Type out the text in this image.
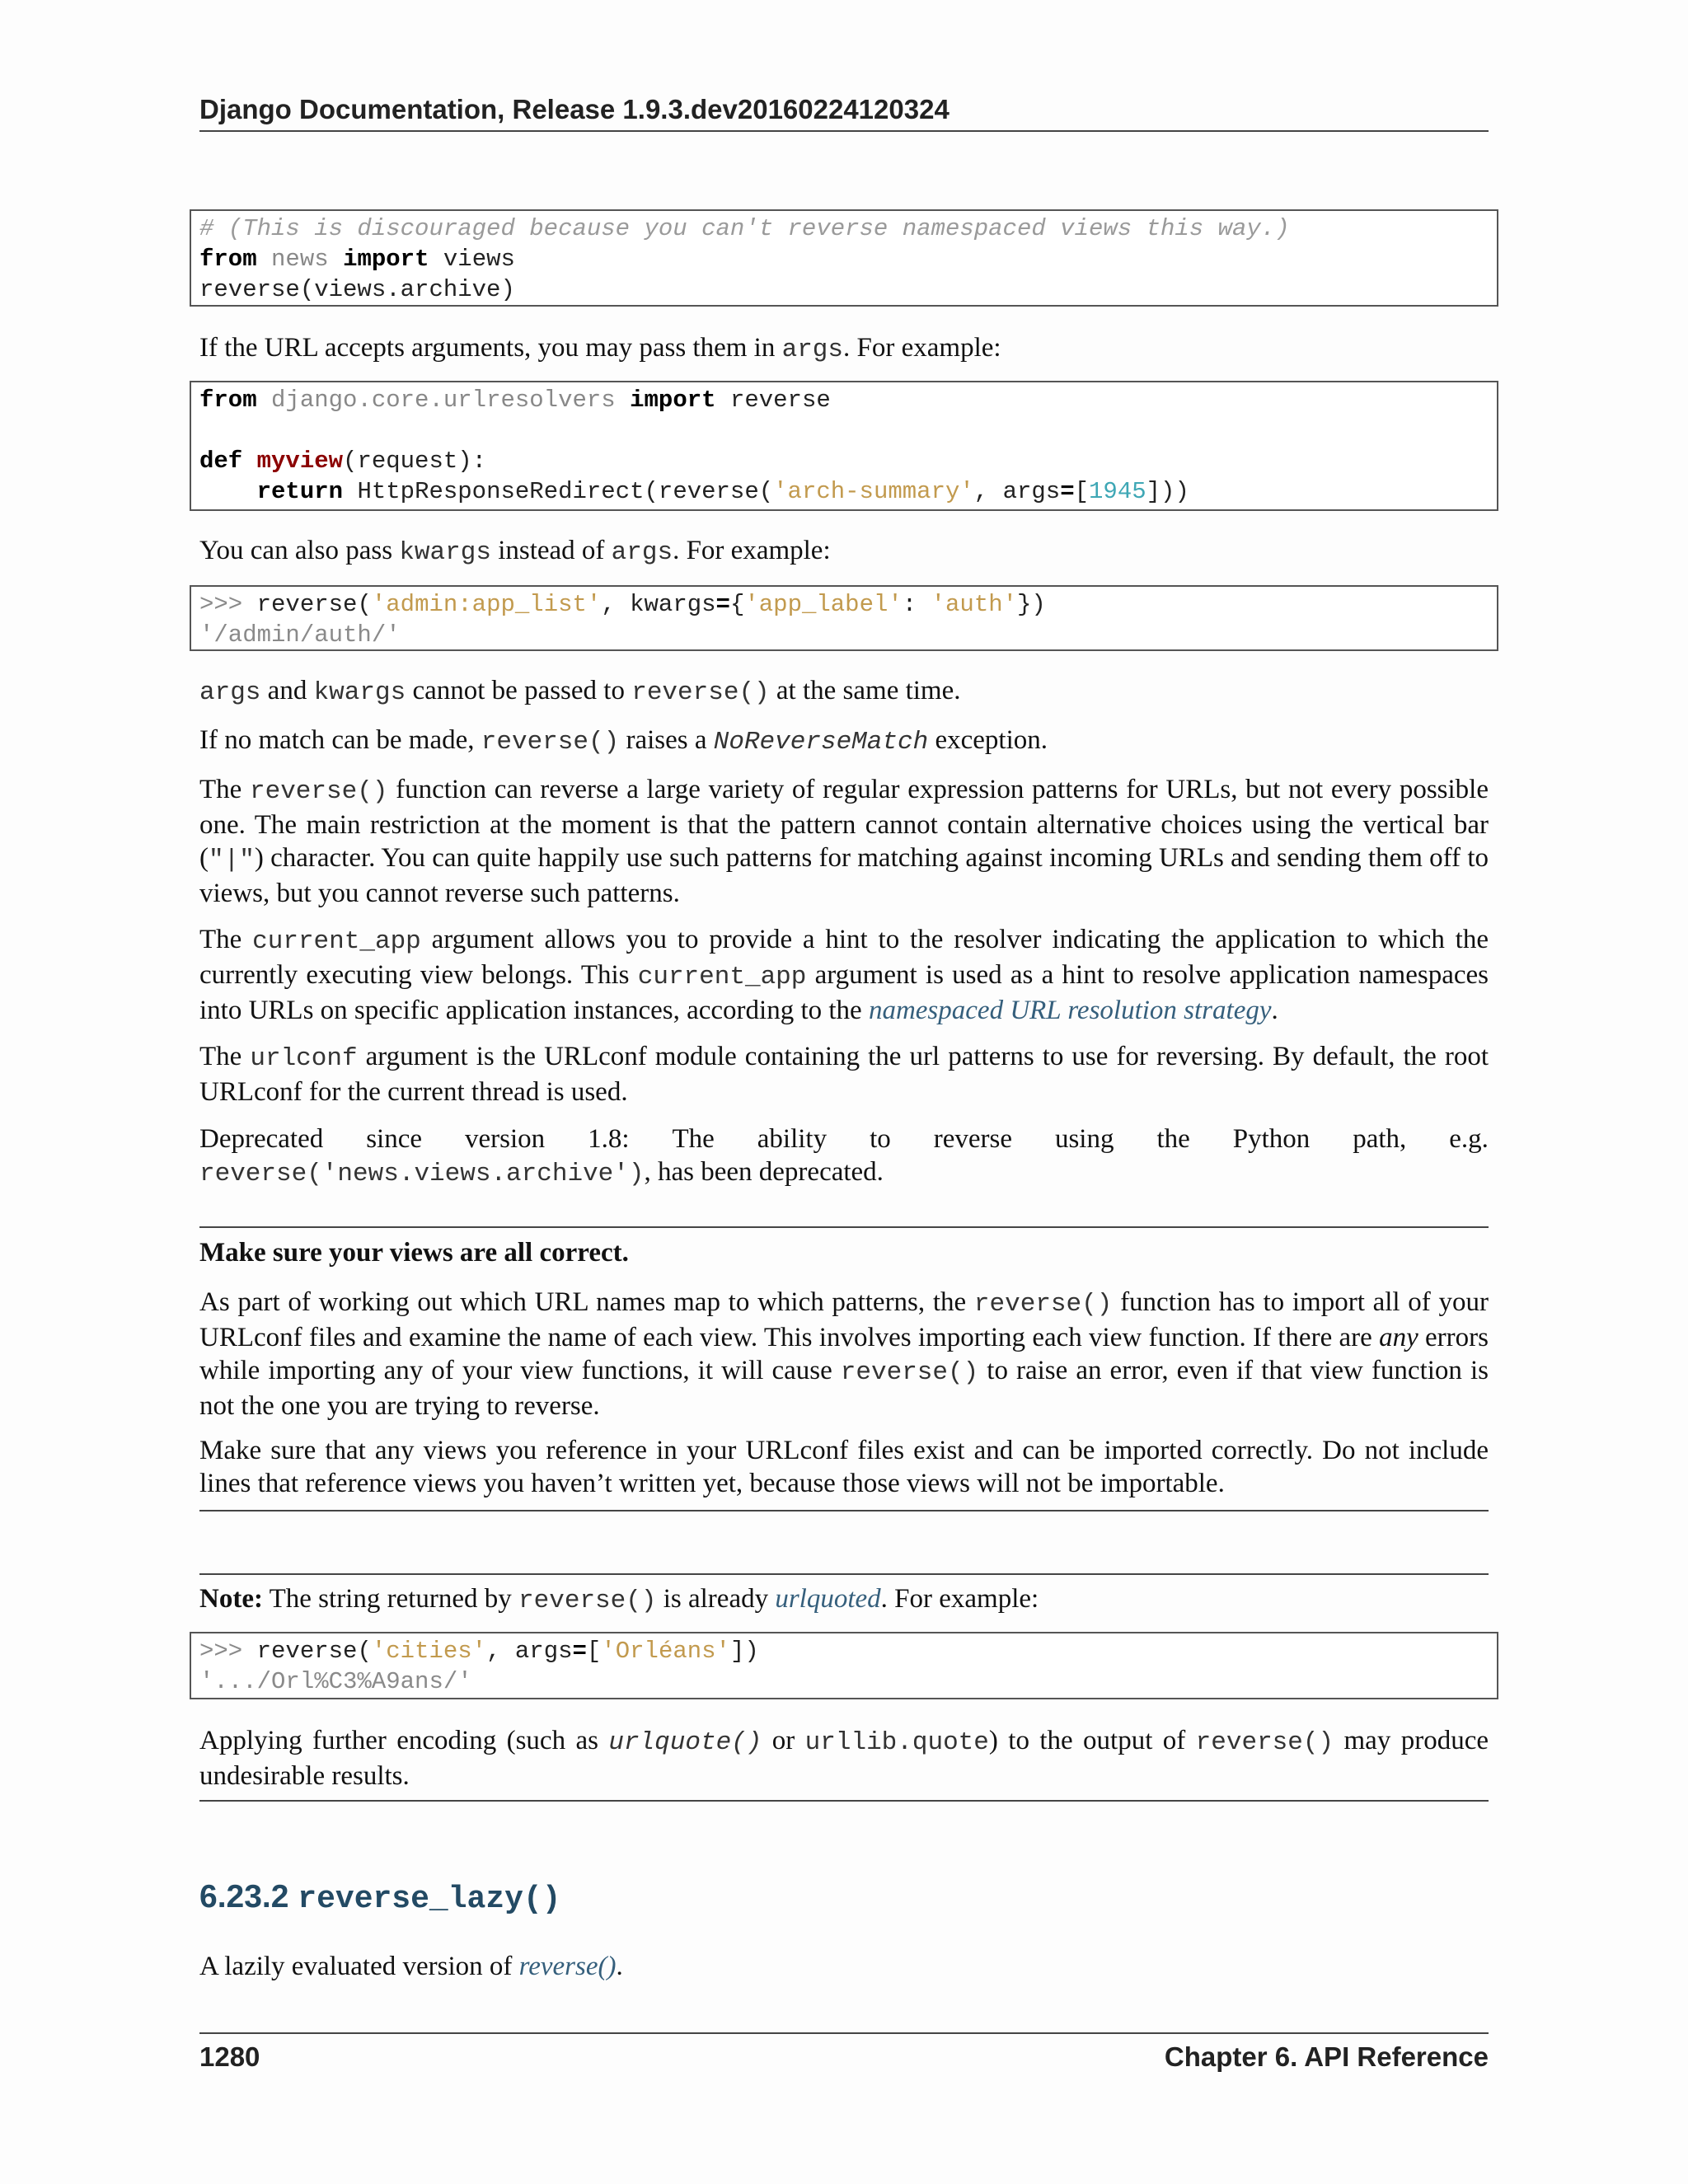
Django Documentation, Release 1.9.3.dev20160224120324
# (This is discouraged because you can't reverse namespaced views this way.)
from news import views
reverse(views.archive)
If the URL accepts arguments, you may pass them in args. For example:
from django.core.urlresolvers import reverse

def myview(request):
return HttpResponseRedirect(reverse('arch-summary', args=[1945]))
You can also pass kwargs instead of args. For example:
>>> reverse('admin:app_list', kwargs={'app_label': 'auth'})
'/admin/auth/'
args and kwargs cannot be passed to reverse() at the same time.
If no match can be made, reverse() raises a NoReverseMatch exception.
The reverse() function can reverse a large variety of regular expression patterns for URLs, but not every possible one. The main restriction at the moment is that the pattern cannot contain alternative choices using the vertical bar ("|") character. You can quite happily use such patterns for matching against incoming URLs and sending them off to views, but you cannot reverse such patterns.
The current_app argument allows you to provide a hint to the resolver indicating the application to which the currently executing view belongs. This current_app argument is used as a hint to resolve application namespaces into URLs on specific application instances, according to the namespaced URL resolution strategy.
The urlconf argument is the URLconf module containing the url patterns to use for reversing. By default, the root URLconf for the current thread is used.
Deprecated since version 1.8: The ability to reverse using the Python path, e.g.
reverse('news.views.archive'), has been deprecated.
Make sure your views are all correct.
As part of working out which URL names map to which patterns, the reverse() function has to import all of your URLconf files and examine the name of each view. This involves importing each view function. If there are any errors while importing any of your view functions, it will cause reverse() to raise an error, even if that view function is not the one you are trying to reverse.
Make sure that any views you reference in your URLconf files exist and can be imported correctly. Do not include lines that reference views you haven’t written yet, because those views will not be importable.
Note: The string returned by reverse() is already urlquoted. For example:
>>> reverse('cities', args=['Orléans'])
'.../Orl%C3%A9ans/'
Applying further encoding (such as urlquote() or urllib.quote) to the output of reverse() may produce undesirable results.
6.23.2 reverse_lazy()
A lazily evaluated version of reverse().
1280	Chapter 6. API Reference
